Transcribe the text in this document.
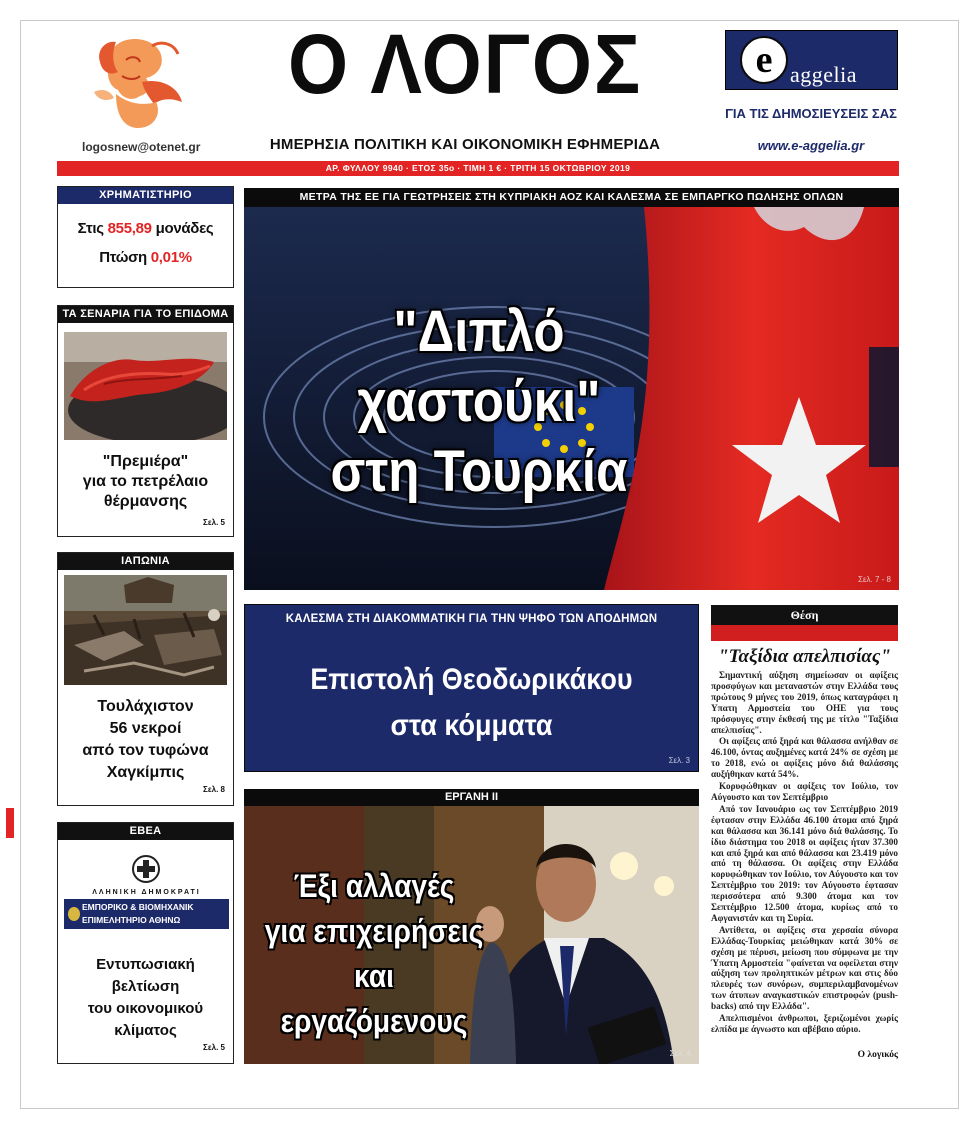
logosnew@otenet.gr
Ο ΛΟΓΟΣ
ΗΜΕΡΗΣΙΑ ΠΟΛΙΤΙΚΗ ΚΑΙ ΟΙΚΟΝΟΜΙΚΗ ΕΦΗΜΕΡΙΔΑ
e aggelia
ΓΙΑ ΤΙΣ ΔΗΜΟΣΙΕΥΣΕΙΣ ΣΑΣ
www.e-aggelia.gr
ΑΡ. ΦΥΛΛΟΥ 9940 · ΕΤΟΣ 35ο · ΤΙΜΗ 1 € · ΤΡΙΤΗ 15 ΟΚΤΩΒΡΙΟΥ 2019
ΧΡΗΜΑΤΙΣΤΗΡΙΟ
Στις 855,89 μονάδες
Πτώση 0,01%
ΤΑ ΣΕΝΑΡΙΑ ΓΙΑ ΤΟ ΕΠΙΔΟΜΑ
"Πρεμιέρα"
για το πετρέλαιο
θέρμανσης
Σελ. 5
ΙΑΠΩΝΙΑ
Τουλάχιστον
56 νεκροί
από τον τυφώνα
Χαγκίμπις
Σελ. 8
ΕΒΕΑ
ΛΛΗΝΙΚΗ ΔΗΜΟΚΡΑΤΙ
ΕΜΠΟΡΙΚΟ & ΒΙΟΜΗΧΑΝΙΚ
ΕΠΙΜΕΛΗΤΗΡΙΟ ΑΘΗΝΩ
Εντυπωσιακή
βελτίωση
του οικονομικού
κλίματος
Σελ. 5
ΜΕΤΡΑ ΤΗΣ ΕΕ ΓΙΑ ΓΕΩΤΡΗΣΕΙΣ ΣΤΗ ΚΥΠΡΙΑΚΗ ΑΟΖ ΚΑΙ ΚΑΛΕΣΜΑ ΣΕ ΕΜΠΑΡΓΚΟ ΠΩΛΗΣΗΣ ΟΠΛΩΝ
"Διπλό χαστούκι"
στη Τουρκία
Σελ. 7 - 8
ΚΑΛΕΣΜΑ ΣΤΗ ΔΙΑΚΟΜΜΑΤΙΚΗ ΓΙΑ ΤΗΝ ΨΗΦΟ ΤΩΝ ΑΠΟΔΗΜΩΝ
Επιστολή Θεοδωρικάκου
στα κόμματα
Σελ. 3
ΕΡΓΑΝΗ ΙΙ
Έξι αλλαγές
για επιχειρήσεις
και εργαζόμενους
Σελ. 4
Θέση
"Ταξίδια απελπισίας"

Σημαντική αύξηση σημείωσαν οι αφίξεις προσφύγων και μεταναστών στην Ελλάδα τους πρώτους 9 μήνες του 2019, όπως καταγράφει η Υπατη Αρμοστεία του ΟΗΕ για τους πρόσφυγες στην έκθεσή της με τίτλο "Ταξίδια απελπισίας".

Οι αφίξεις από ξηρά και θάλασσα ανήλθαν σε 46.100, όντας αυξημένες κατά 24% σε σχέση με το 2018, ενώ οι αφίξεις μόνο διά θαλάσσης αυξήθηκαν κατά 54%.

Κορυφώθηκαν οι αφίξεις τον Ιούλιο, τον Αύγουστο και τον Σεπτέμβριο

Από τον Ιανουάριο ως τον Σεπτέμβριο 2019 έφτασαν στην Ελλάδα 46.100 άτομα από ξηρά και θάλασσα και 36.141 μόνο διά θαλάσσης. Το ίδιο διάστημα του 2018 οι αφίξεις ήταν 37.300 και από ξηρά και από θάλασσα και 23.419 μόνο από τη θάλασσα. Οι αφίξεις στην Ελλάδα κορυφώθηκαν τον Ιούλιο, τον Αύγουστο και τον Σεπτέμβριο του 2019: τον Αύγουστο έφτασαν περισσότερα από 9.300 άτομα και τον Σεπτέμβριο 12.500 άτομα, κυρίως από το Αφγανιστάν και τη Συρία.

Αντίθετα, οι αφίξεις στα χερσαία σύνορα Ελλάδας-Τουρκίας μειώθηκαν κατά 30% σε σχέση με πέρυσι, μείωση που σύμφωνα με την Ύπατη Αρμοστεία "φαίνεται να οφείλεται στην αύξηση των προληπτικών μέτρων και στις δύο πλευρές των συνόρων, συμπεριλαμβανομένων των άτυπων αναγκαστικών επιστροφών (push-backs) από την Ελλάδα".

Απελπισμένοι άνθρωποι, ξεριζωμένοι χωρίς ελπίδα με άγνωστο και αβέβαιο αύριο.

Ο λογικός
